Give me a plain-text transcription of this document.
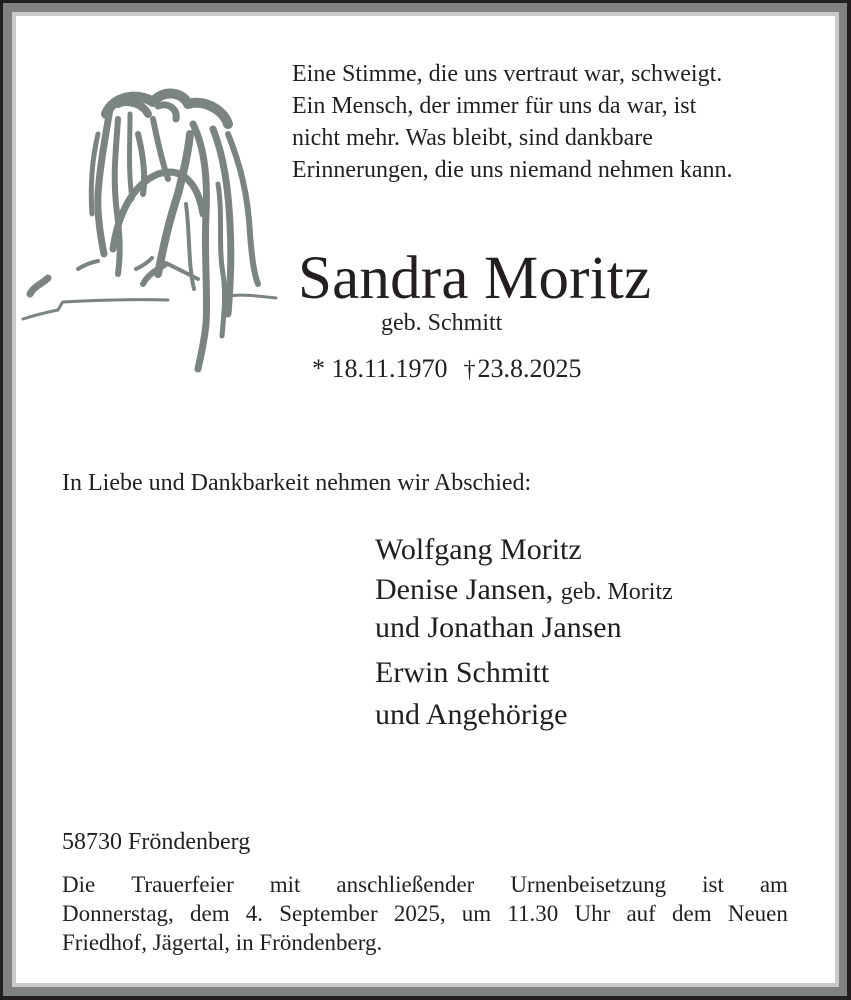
Eine Stimme, die uns vertraut war, schweigt.
Ein Mensch, der immer für uns da war, ist
nicht mehr. Was bleibt, sind dankbare
Erinnerungen, die uns niemand nehmen kann.
Sandra Moritz
geb. Schmitt
* 18.11.1970 †23.8.2025
In Liebe und Dankbarkeit nehmen wir Abschied:
Wolfgang Moritz
Denise Jansen, geb. Moritz
und Jonathan Jansen
Erwin Schmitt
und Angehörige
58730 Fröndenberg
Die Trauerfeier mit anschließender Urnenbeisetzung ist am
Donnerstag, dem 4. September 2025, um 11.30 Uhr auf dem Neuen
Friedhof, Jägertal, in Fröndenberg.
